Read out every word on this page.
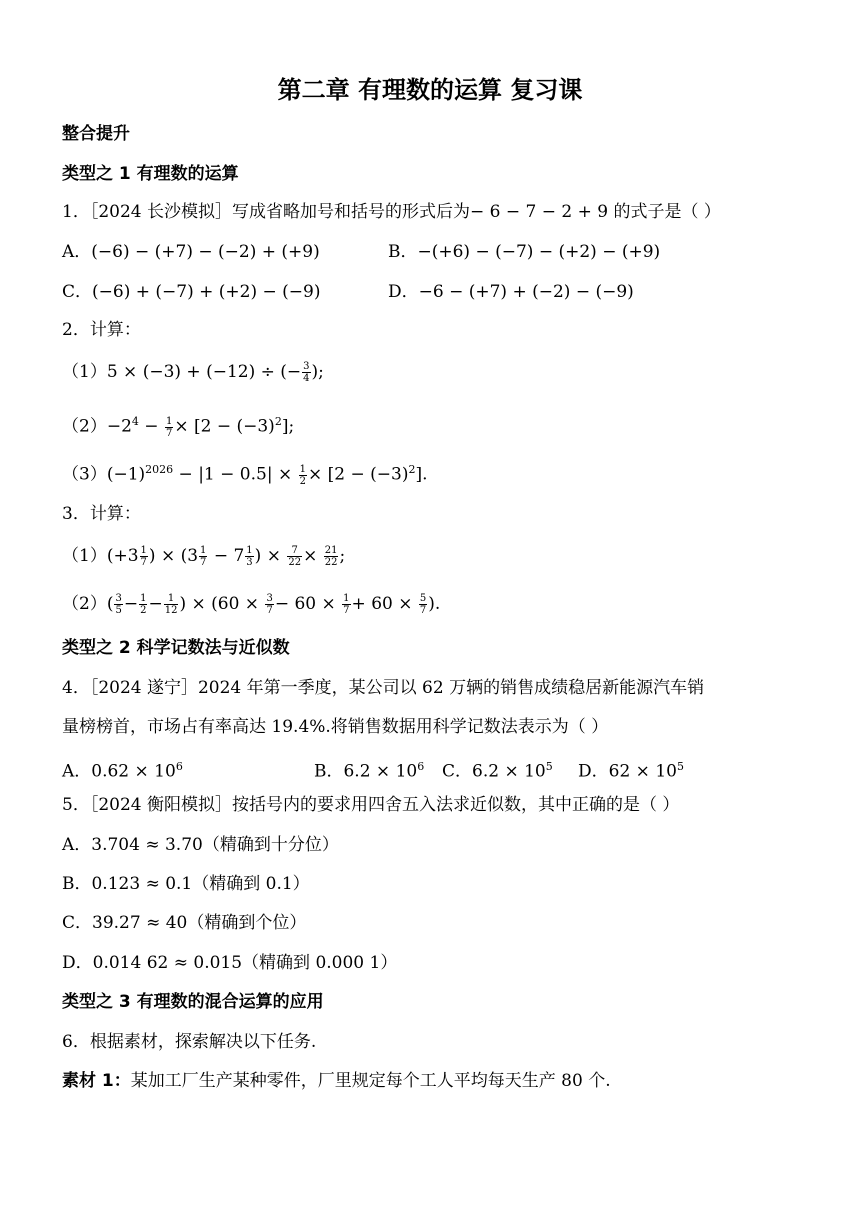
第二章 有理数的运算 复习课
整合提升
类型之 1 有理数的运算
1．［2024 长沙模拟］写成省略加号和括号的形式后为− 6 − 7 − 2 + 9 的式子是（ ）
A．(−6) − (+7) − (−2) + (+9)	B．−(+6) − (−7) − (+2) − (+9)
C．(−6) + (−7) + (+2) − (−9)	D．−6 − (+7) + (−2) − (−9)
2．计算：
（1）5 × (−3) + (−12) ÷ (− $\frac{3}{4}$ );
$(2)-2^4 - \frac{1}{7} \times [2 - (-3)^2]$;
$(3)(-1)^{2026} - |1 - 0.5| \times \frac{1}{2} \times [2 - (-3)^2]$.
3．计算：
$(1)(+3 \frac{1}{7}$ ) × ($3 \frac{1}{7} - 7 \frac{1}{3}$ ) × $\frac{7}{22} \times \frac{21}{22}$ ;
$(2)( \frac{3}{5} - \frac{1}{2} - \frac{1}{12}$ ) × ($60 \times \frac{3}{7} - 60 \times \frac{1}{7} + 60 \times \frac{5}{7}$ ).
类型之 2 科学记数法与近似数
4．［2024 遂宁］2024 年第一季度，某公司以 62 万辆的销售成绩稳居新能源汽车销
量榜榜首，市场占有率高达 19.4%.将销售数据用科学记数法表示为（ ）
A．$0.62 \times 10^6$	B．$6.2 \times 10^6$ C．$6.2 \times 10^5$ D．$62 \times 10^5$
5．［2024 衡阳模拟］按括号内的要求用四舍五入法求近似数，其中正确的是（ ）
A．3.704 ≈ 3.70（精确到十分位）
B．0.123 ≈ 0.1（精确到 0.1）
C．39.27 ≈ 40（精确到个位）
D．0.014 62 ≈ 0.015（精确到 0.000 1）
类型之 3 有理数的混合运算的应用
6．根据素材，探索解决以下任务.
素材 1：某加工厂生产某种零件，厂里规定每个工人平均每天生产 80 个.
